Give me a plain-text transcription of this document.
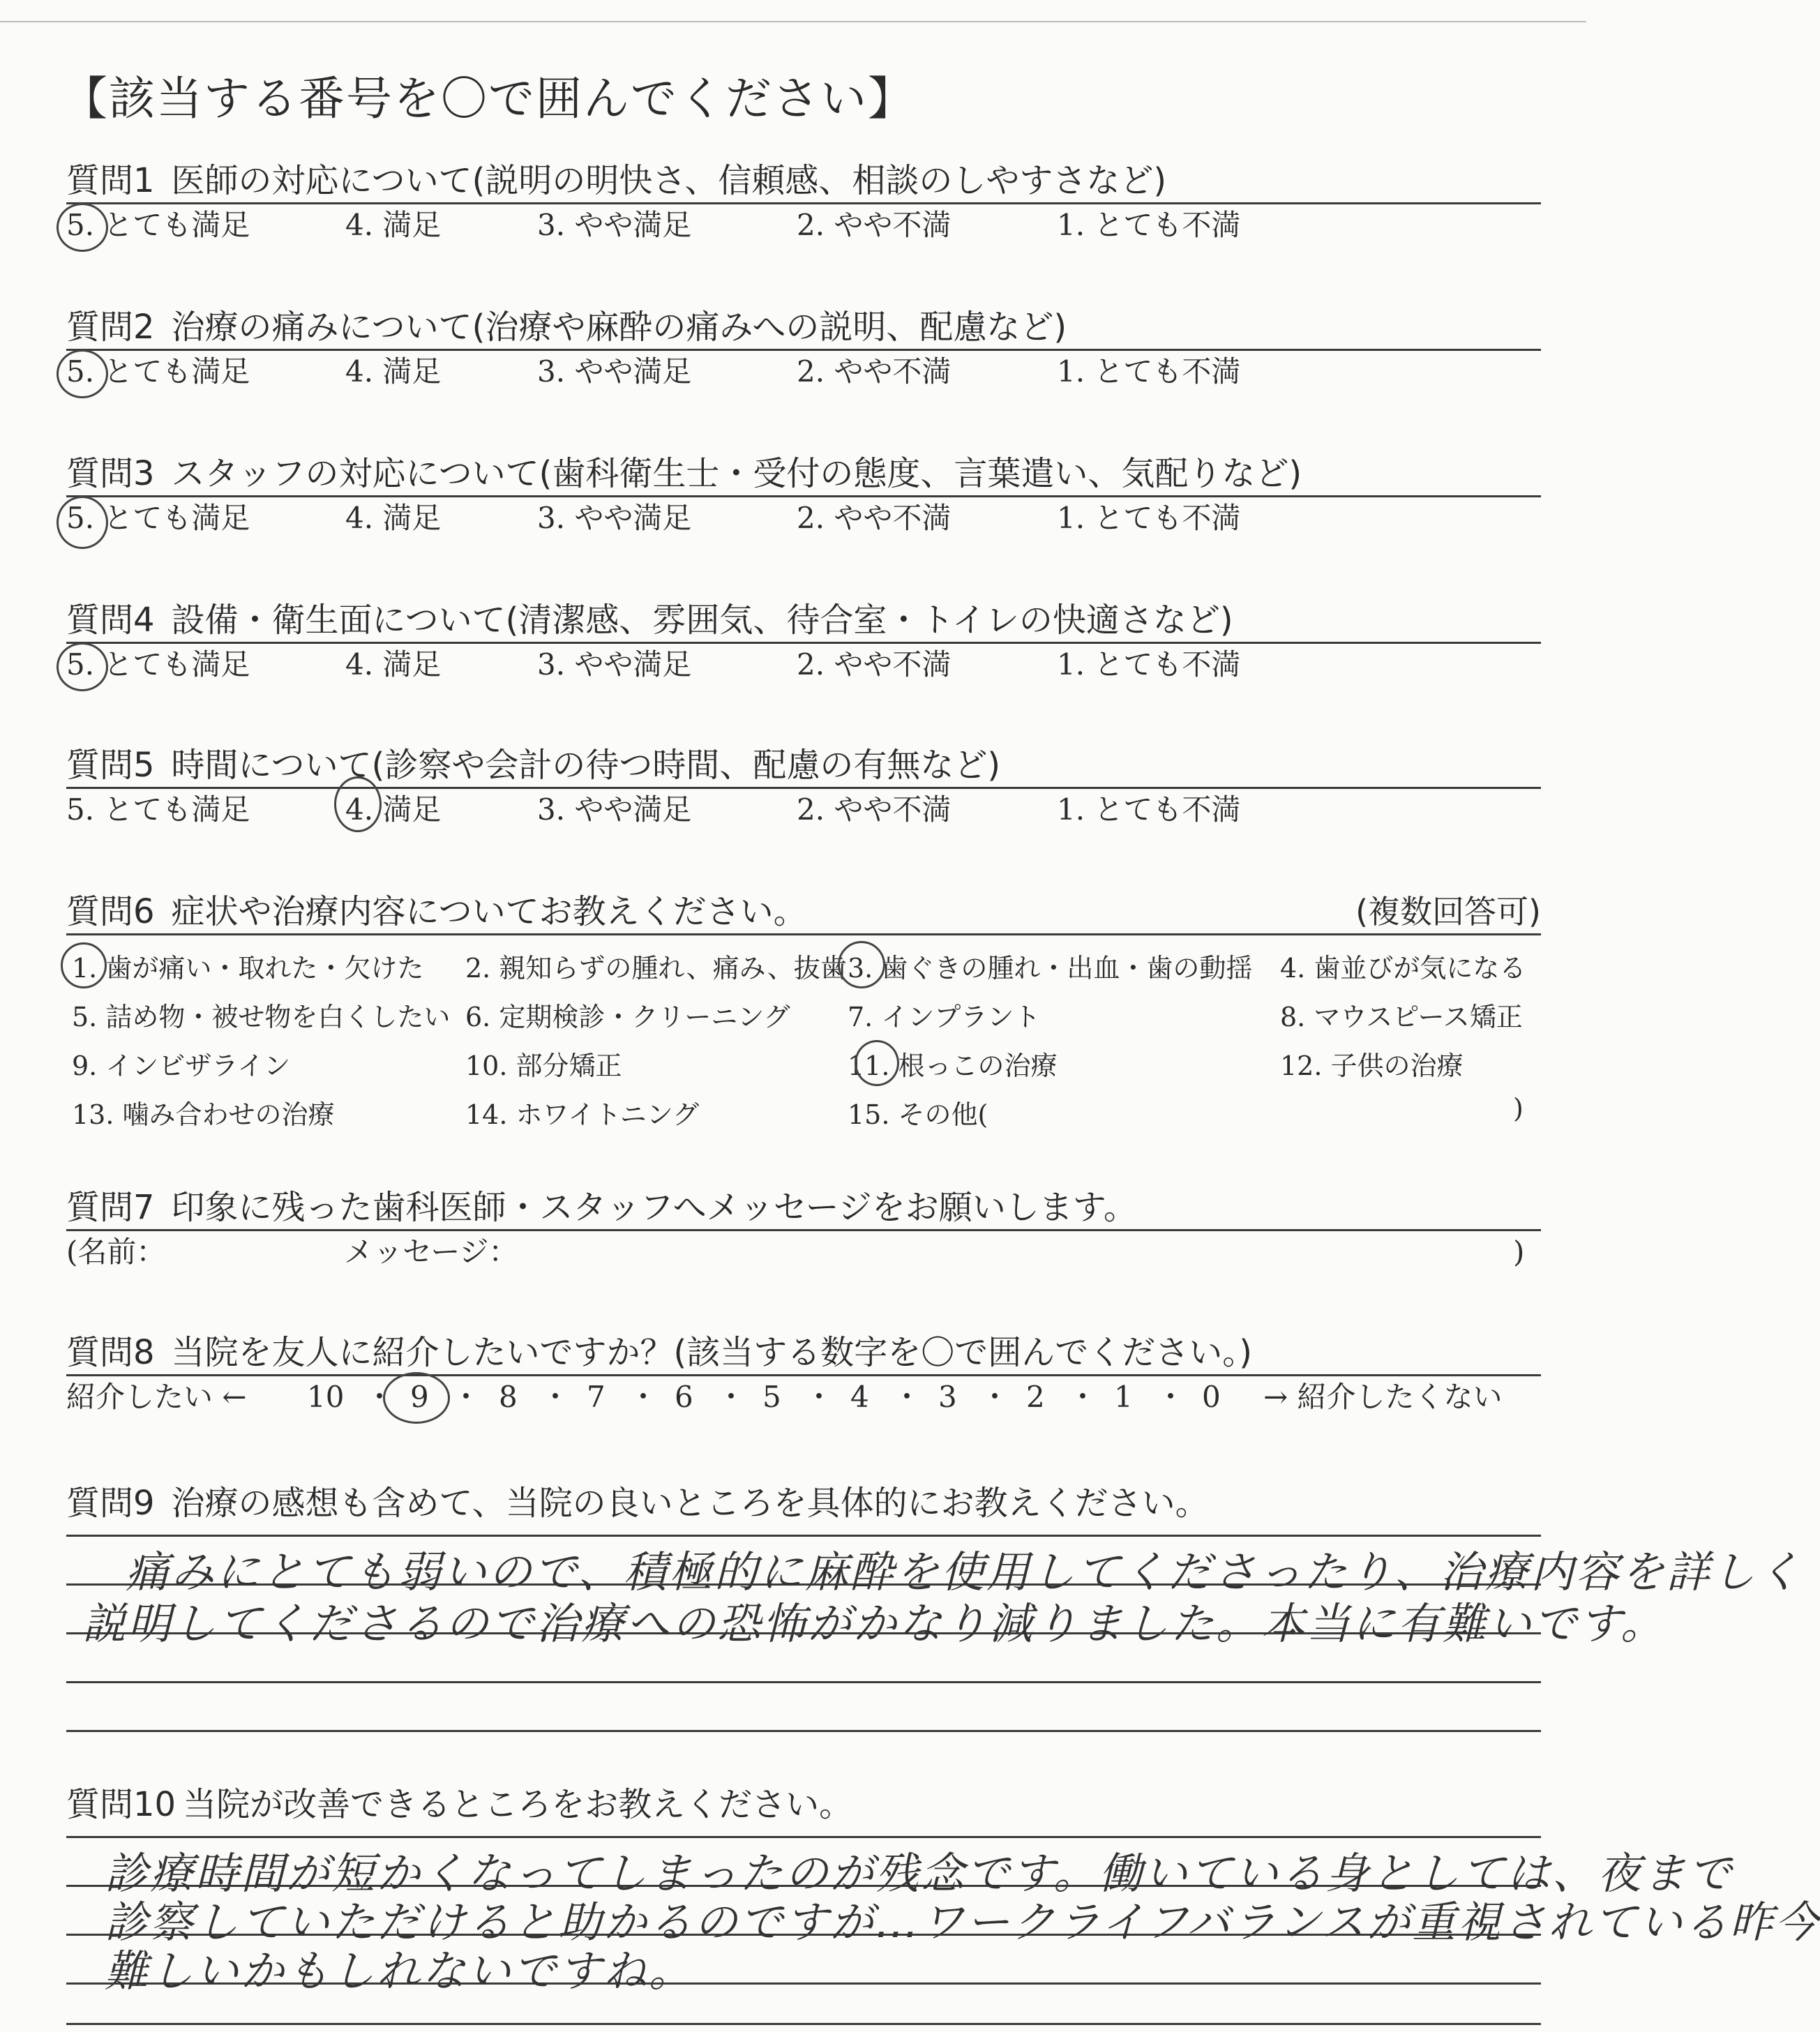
【該当する番号を〇で囲んでください】
質問1 医師の対応について(説明の明快さ、信頼感、相談のしやすさなど)
5. とても満足	4. 満足	3. やや満足	2. やや不満	1. とても不満
質問2 治療の痛みについて(治療や麻酔の痛みへの説明、配慮など)
5. とても満足	4. 満足	3. やや満足	2. やや不満	1. とても不満
質問3 スタッフの対応について(歯科衛生士・受付の態度、言葉遣い、気配りなど)
5. とても満足	4. 満足	3. やや満足	2. やや不満	1. とても不満
質問4 設備・衛生面について(清潔感、雰囲気、待合室・トイレの快適さなど)
5. とても満足	4. 満足	3. やや満足	2. やや不満	1. とても不満
質問5 時間について(診察や会計の待つ時間、配慮の有無など)
5. とても満足	4. 満足	3. やや満足	2. やや不満	1. とても不満
質問6 症状や治療内容についてお教えください。	(複数回答可)
1. 歯が痛い・取れた・欠けた 2. 親知らずの腫れ、痛み、抜歯 3. 歯ぐきの腫れ・出血・歯の動揺 4. 歯並びが気になる
5. 詰め物・被せ物を白くしたい 6. 定期検診・クリーニング 7. インプラント	8. マウスピース矯正
9. インビザライン	10. 部分矯正	11. 根っこの治療	12. 子供の治療
13. 噛み合わせの治療	14. ホワイトニング	15. その他(	)
質問7 印象に残った歯科医師・スタッフへメッセージをお願いします。
(名前：	メッセージ：	)
質問8 当院を友人に紹介したいですか？(該当する数字を〇で囲んでください。)
紹介したい ← 10 ・ 9 ・ 8 ・ 7 ・ 6 ・ 5 ・ 4 ・ 3 ・ 2 ・ 1 ・ 0 → 紹介したくない
質問9 治療の感想も含めて、当院の良いところを具体的にお教えください。
痛みにとても弱いので、積極的に麻酔を使用してくださったり、治療内容を詳しく
説明してくださるので治療への恐怖がかなり減りました。本当に有難いです。
質問10 当院が改善できるところをお教えください。
診療時間が短かくなってしまったのが残念です。働いている身としては、夜まで
診察していただけると助かるのですが…ワークライフバランスが重視されている昨今
難しいかもしれないですね。
